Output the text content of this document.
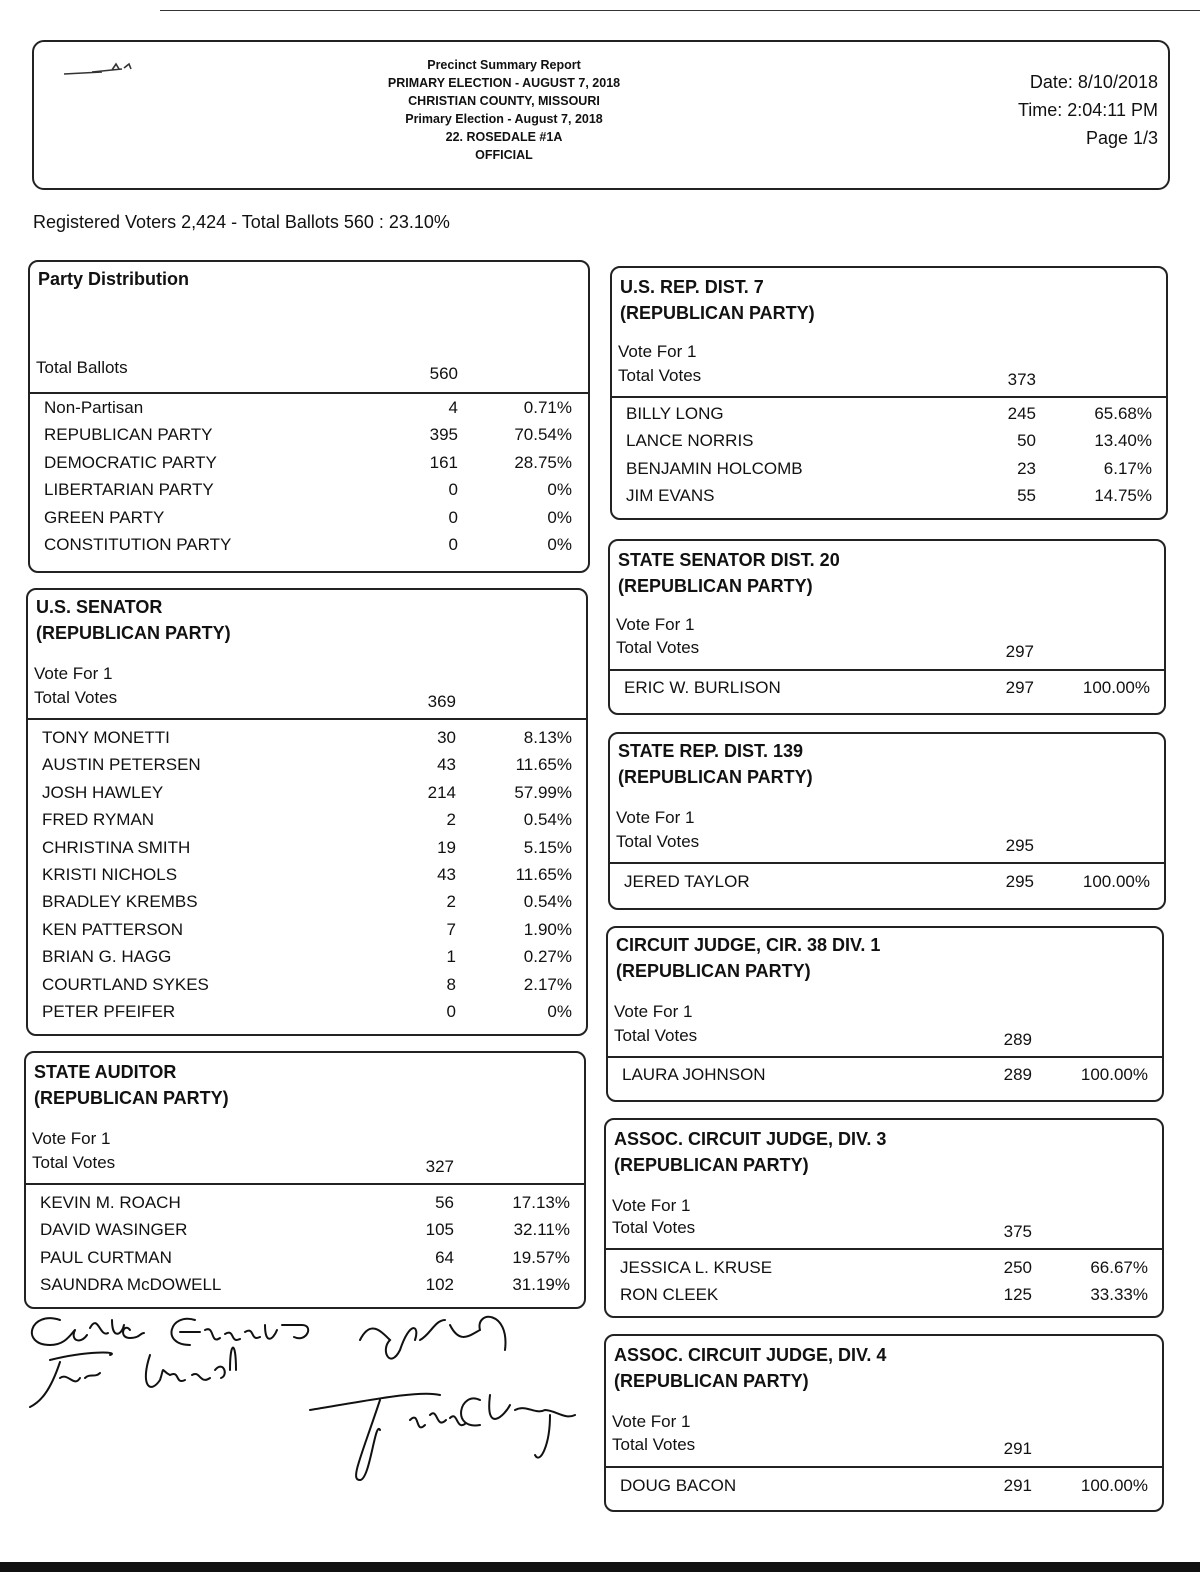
Precinct Summary Report
PRIMARY ELECTION - AUGUST 7, 2018
CHRISTIAN COUNTY, MISSOURI
Primary Election - August 7, 2018
22. ROSEDALE #1A
OFFICIAL
Date: 8/10/2018
Time: 2:04:11 PM
Page 1/3
Registered Voters 2,424 - Total Ballots 560 : 23.10%
Party Distribution
Total Ballots	560
Non-Partisan	4	0.71%
REPUBLICAN PARTY	395	70.54%
DEMOCRATIC PARTY	161	28.75%
LIBERTARIAN PARTY	0	0%
GREEN PARTY	0	0%
CONSTITUTION PARTY	0	0%
U.S. SENATOR
(REPUBLICAN PARTY)
Vote For 1
Total Votes	369
TONY MONETTI	30	8.13%
AUSTIN PETERSEN	43	11.65%
JOSH HAWLEY	214	57.99%
FRED RYMAN	2	0.54%
CHRISTINA SMITH	19	5.15%
KRISTI NICHOLS	43	11.65%
BRADLEY KREMBS	2	0.54%
KEN PATTERSON	7	1.90%
BRIAN G. HAGG	1	0.27%
COURTLAND SYKES	8	2.17%
PETER PFEIFER	0	0%
STATE AUDITOR
(REPUBLICAN PARTY)
Vote For 1
Total Votes	327
KEVIN M. ROACH	56	17.13%
DAVID WASINGER	105	32.11%
PAUL CURTMAN	64	19.57%
SAUNDRA McDOWELL	102	31.19%
U.S. REP. DIST. 7
(REPUBLICAN PARTY)
Vote For 1
Total Votes	373
BILLY LONG	245	65.68%
LANCE NORRIS	50	13.40%
BENJAMIN HOLCOMB	23	6.17%
JIM EVANS	55	14.75%
STATE SENATOR DIST. 20
(REPUBLICAN PARTY)
Vote For 1
Total Votes	297
ERIC W. BURLISON	297	100.00%
STATE REP. DIST. 139
(REPUBLICAN PARTY)
Vote For 1
Total Votes	295
JERED TAYLOR	295	100.00%
CIRCUIT JUDGE, CIR. 38 DIV. 1
(REPUBLICAN PARTY)
Vote For 1
Total Votes	289
LAURA JOHNSON	289	100.00%
ASSOC. CIRCUIT JUDGE, DIV. 3
(REPUBLICAN PARTY)
Vote For 1
Total Votes	375
JESSICA L. KRUSE	250	66.67%
RON CLEEK	125	33.33%
ASSOC. CIRCUIT JUDGE, DIV. 4
(REPUBLICAN PARTY)
Vote For 1
Total Votes	291
DOUG BACON	291	100.00%
